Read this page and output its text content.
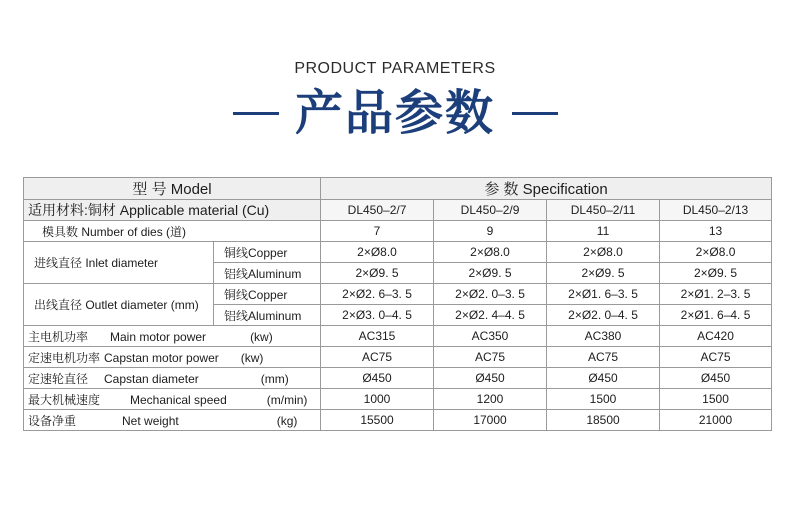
PRODUCT PARAMETERS
产品参数
型 号 Model		参 数 Specification			
适用材料:铜材 Applicable material (Cu)		DL450–2/7	DL450–2/9	DL450–2/11	DL450–2/13
模具数 Number of dies (道)		7	9	11	13
进线直径 Inlet diameter	铜线Copper	2×Ø8.0	2×Ø8.0	2×Ø8.0	2×Ø8.0
	铝线Aluminum	2×Ø9. 5	2×Ø9. 5	2×Ø9. 5	2×Ø9. 5
出线直径 Outlet diameter (mm)	铜线Copper	2×Ø2. 6–3. 5	2×Ø2. 0–3. 5	2×Ø1. 6–3. 5	2×Ø1. 2–3. 5
	铝线Aluminum	2×Ø3. 0–4. 5	2×Ø2. 4–4. 5	2×Ø2. 0–4. 5	2×Ø1. 6–4. 5
主电机功率 Main motor power (kw)		AC315	AC350	AC380	AC420
定速电机功率 Capstan motor power (kw)		AC75	AC75	AC75	AC75
定速轮直径 Capstan diameter (mm)		Ø450	Ø450	Ø450	Ø450
最大机械速度 Mechanical speed (m/min)		1000	1200	1500	1500
设备净重 Net weight (kg)		15500	17000	18500	21000
